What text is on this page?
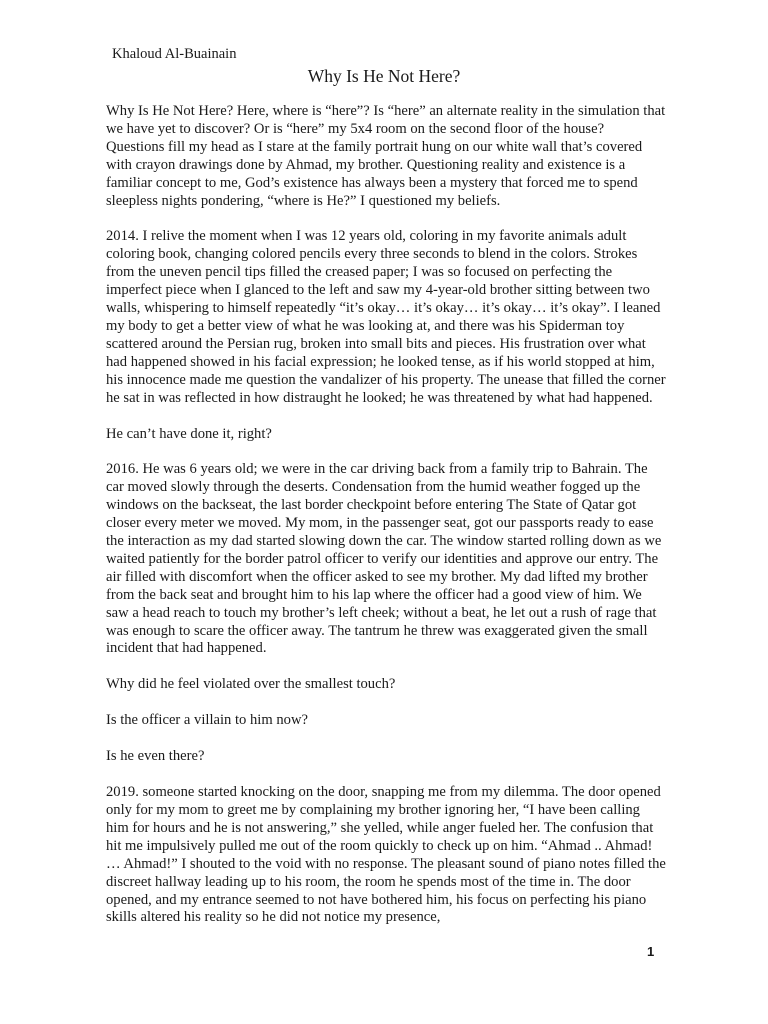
Khaloud Al-Buainain
Why Is He Not Here?

Why Is He Not Here? Here, where is “here”? Is “here” an alternate reality in the simulation that we have yet to discover? Or is “here” my 5x4 room on the second floor of the house? Questions fill my head as I stare at the family portrait hung on our white wall that’s covered with crayon drawings done by Ahmad, my brother. Questioning reality and existence is a familiar concept to me, God’s existence has always been a mystery that forced me to spend sleepless nights pondering, “where is He?” I questioned my beliefs.

2014. I relive the moment when I was 12 years old, coloring in my favorite animals adult coloring book, changing colored pencils every three seconds to blend in the colors. Strokes from the uneven pencil tips filled the creased paper; I was so focused on perfecting the imperfect piece when I glanced to the left and saw my 4-year-old brother sitting between two walls, whispering to himself repeatedly “it’s okay… it’s okay… it’s okay… it’s okay”. I leaned my body to get a better view of what he was looking at, and there was his Spiderman toy scattered around the Persian rug, broken into small bits and pieces. His frustration over what had happened showed in his facial expression; he looked tense, as if his world stopped at him, his innocence made me question the vandalizer of his property. The unease that filled the corner he sat in was reflected in how distraught he looked; he was threatened by what had happened.

He can’t have done it, right?

2016. He was 6 years old; we were in the car driving back from a family trip to Bahrain. The car moved slowly through the deserts. Condensation from the humid weather fogged up the windows on the backseat, the last border checkpoint before entering The State of Qatar got closer every meter we moved. My mom, in the passenger seat, got our passports ready to ease the interaction as my dad started slowing down the car. The window started rolling down as we waited patiently for the border patrol officer to verify our identities and approve our entry. The air filled with discomfort when the officer asked to see my brother. My dad lifted my brother from the back seat and brought him to his lap where the officer had a good view of him. We saw a head reach to touch my brother’s left cheek; without a beat, he let out a rush of rage that was enough to scare the officer away. The tantrum he threw was exaggerated given the small incident that had happened.

Why did he feel violated over the smallest touch?

Is the officer a villain to him now?

Is he even there?

2019. someone started knocking on the door, snapping me from my dilemma. The door opened only for my mom to greet me by complaining my brother ignoring her, “I have been calling him for hours and he is not answering,” she yelled, while anger fueled her. The confusion that hit me impulsively pulled me out of the room quickly to check up on him. “Ahmad .. Ahmad! … Ahmad!” I shouted to the void with no response. The pleasant sound of piano notes filled the discreet hallway leading up to his room, the room he spends most of the time in. The door opened, and my entrance seemed to not have bothered him, his focus on perfecting his piano skills altered his reality so he did not notice my presence,

1
